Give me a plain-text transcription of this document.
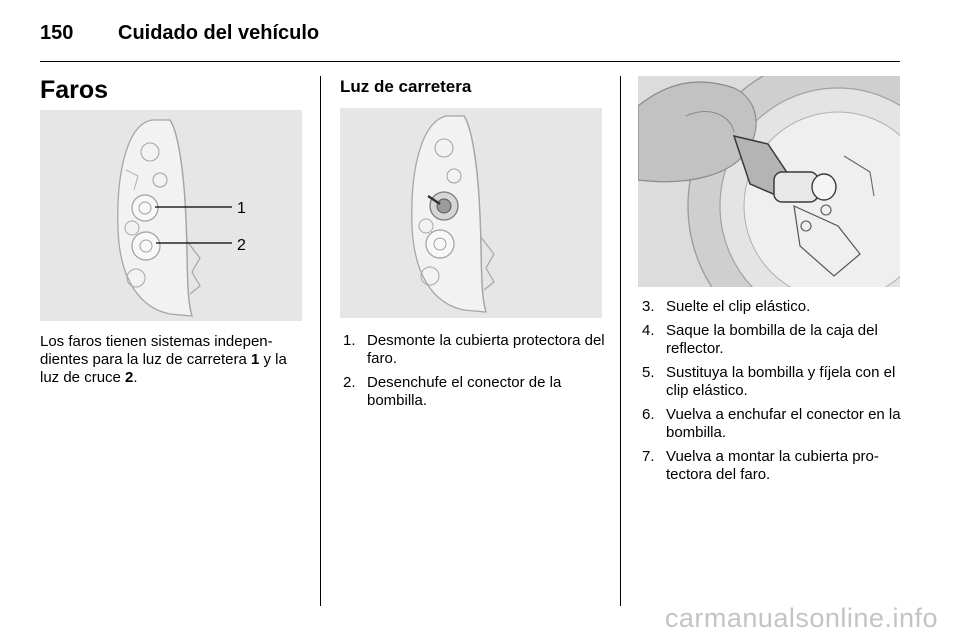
150 Cuidado del vehículo
Faros
1
2
Los faros tienen sistemas indepen-
dientes para la luz de carretera 1 y la
luz de cruce 2.
Luz de carretera
1. Desmonte la cubierta protectora del faro.
2. Desenchufe el conector de la bombilla.
3. Suelte el clip elástico.
4. Saque la bombilla de la caja del reflector.
5. Sustituya la bombilla y fíjela con el clip elástico.
6. Vuelva a enchufar el conector en la bombilla.
7. Vuelva a montar la cubierta pro-tectora del faro.
carmanualsonline.info
